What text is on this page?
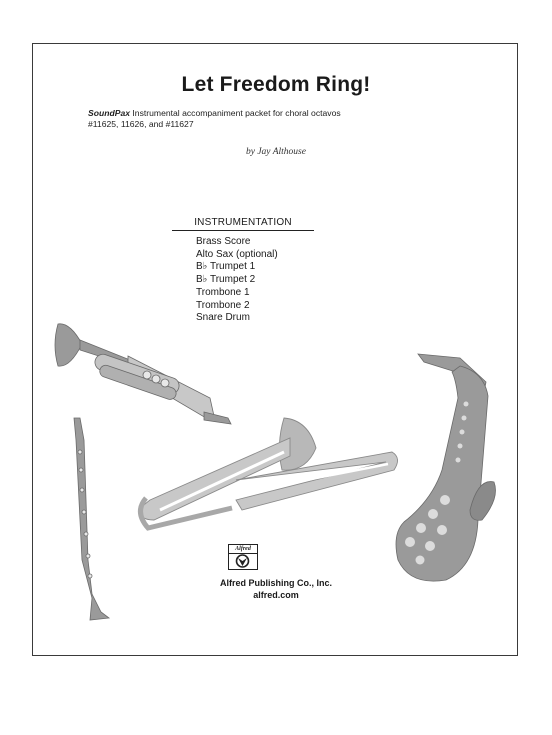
Let Freedom Ring!
SoundPax Instrumental accompaniment packet for choral octavos #11625, 11626, and #11627
by Jay Althouse
INSTRUMENTATION
Brass Score
Alto Sax (optional)
B♭ Trumpet 1
B♭ Trumpet 2
Trombone 1
Trombone 2
Snare Drum
Alfred
Alfred Publishing Co., Inc.
alfred.com
